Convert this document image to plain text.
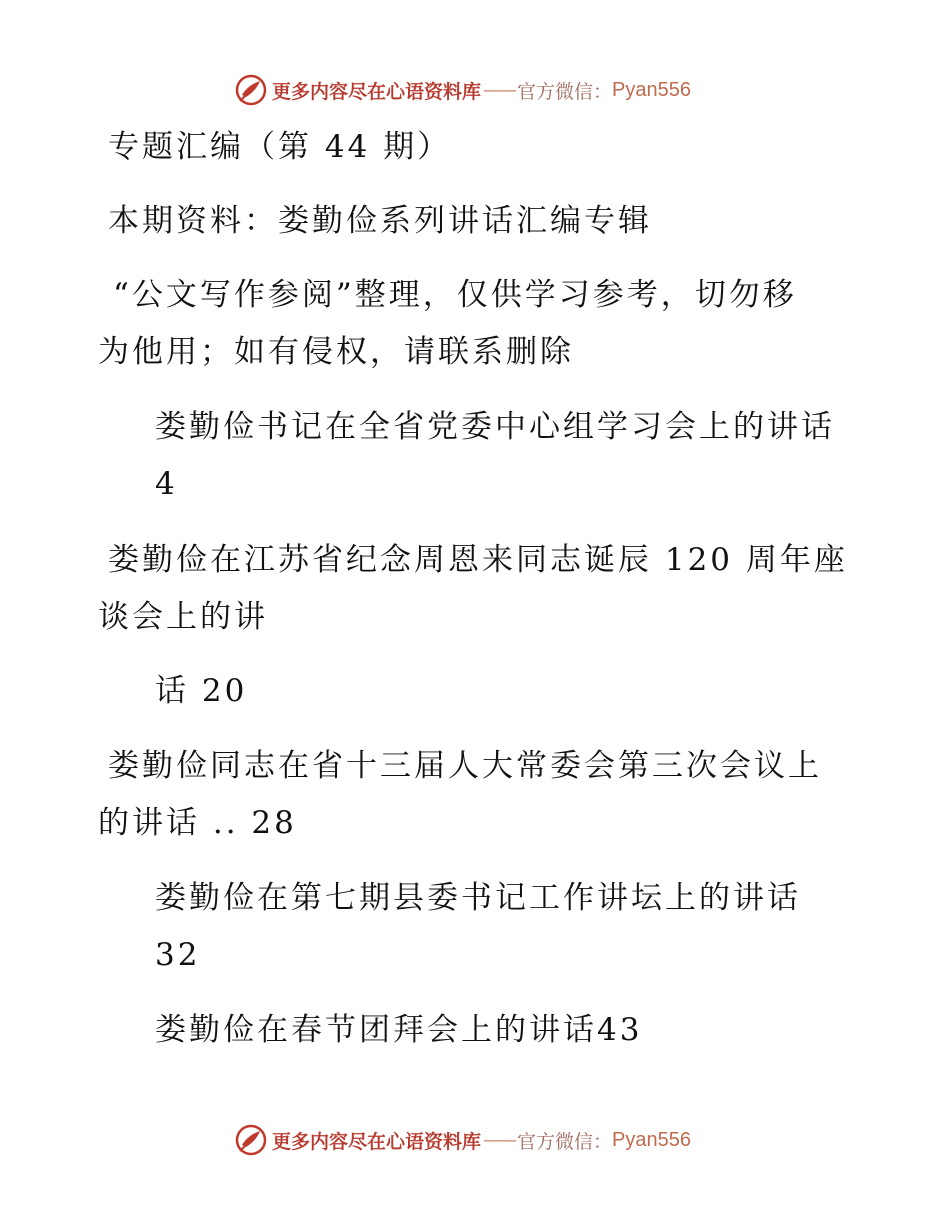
更多内容尽在心语资料库 —— 官方微信： Pyan556
专题汇编（第 44 期）
本期资料：娄勤俭系列讲话汇编专辑
“公文写作参阅”整理，仅供学习参考，切勿移
为他用；如有侵权，请联系删除
娄勤俭书记在全省党委中心组学习会上的讲话
4
娄勤俭在江苏省纪念周恩来同志诞辰 120 周年座
谈会上的讲
话 20
娄勤俭同志在省十三届人大常委会第三次会议上
的讲话 .. 28
娄勤俭在第七期县委书记工作讲坛上的讲话
32
娄勤俭在春节团拜会上的讲话43
更多内容尽在心语资料库 —— 官方微信： Pyan556
